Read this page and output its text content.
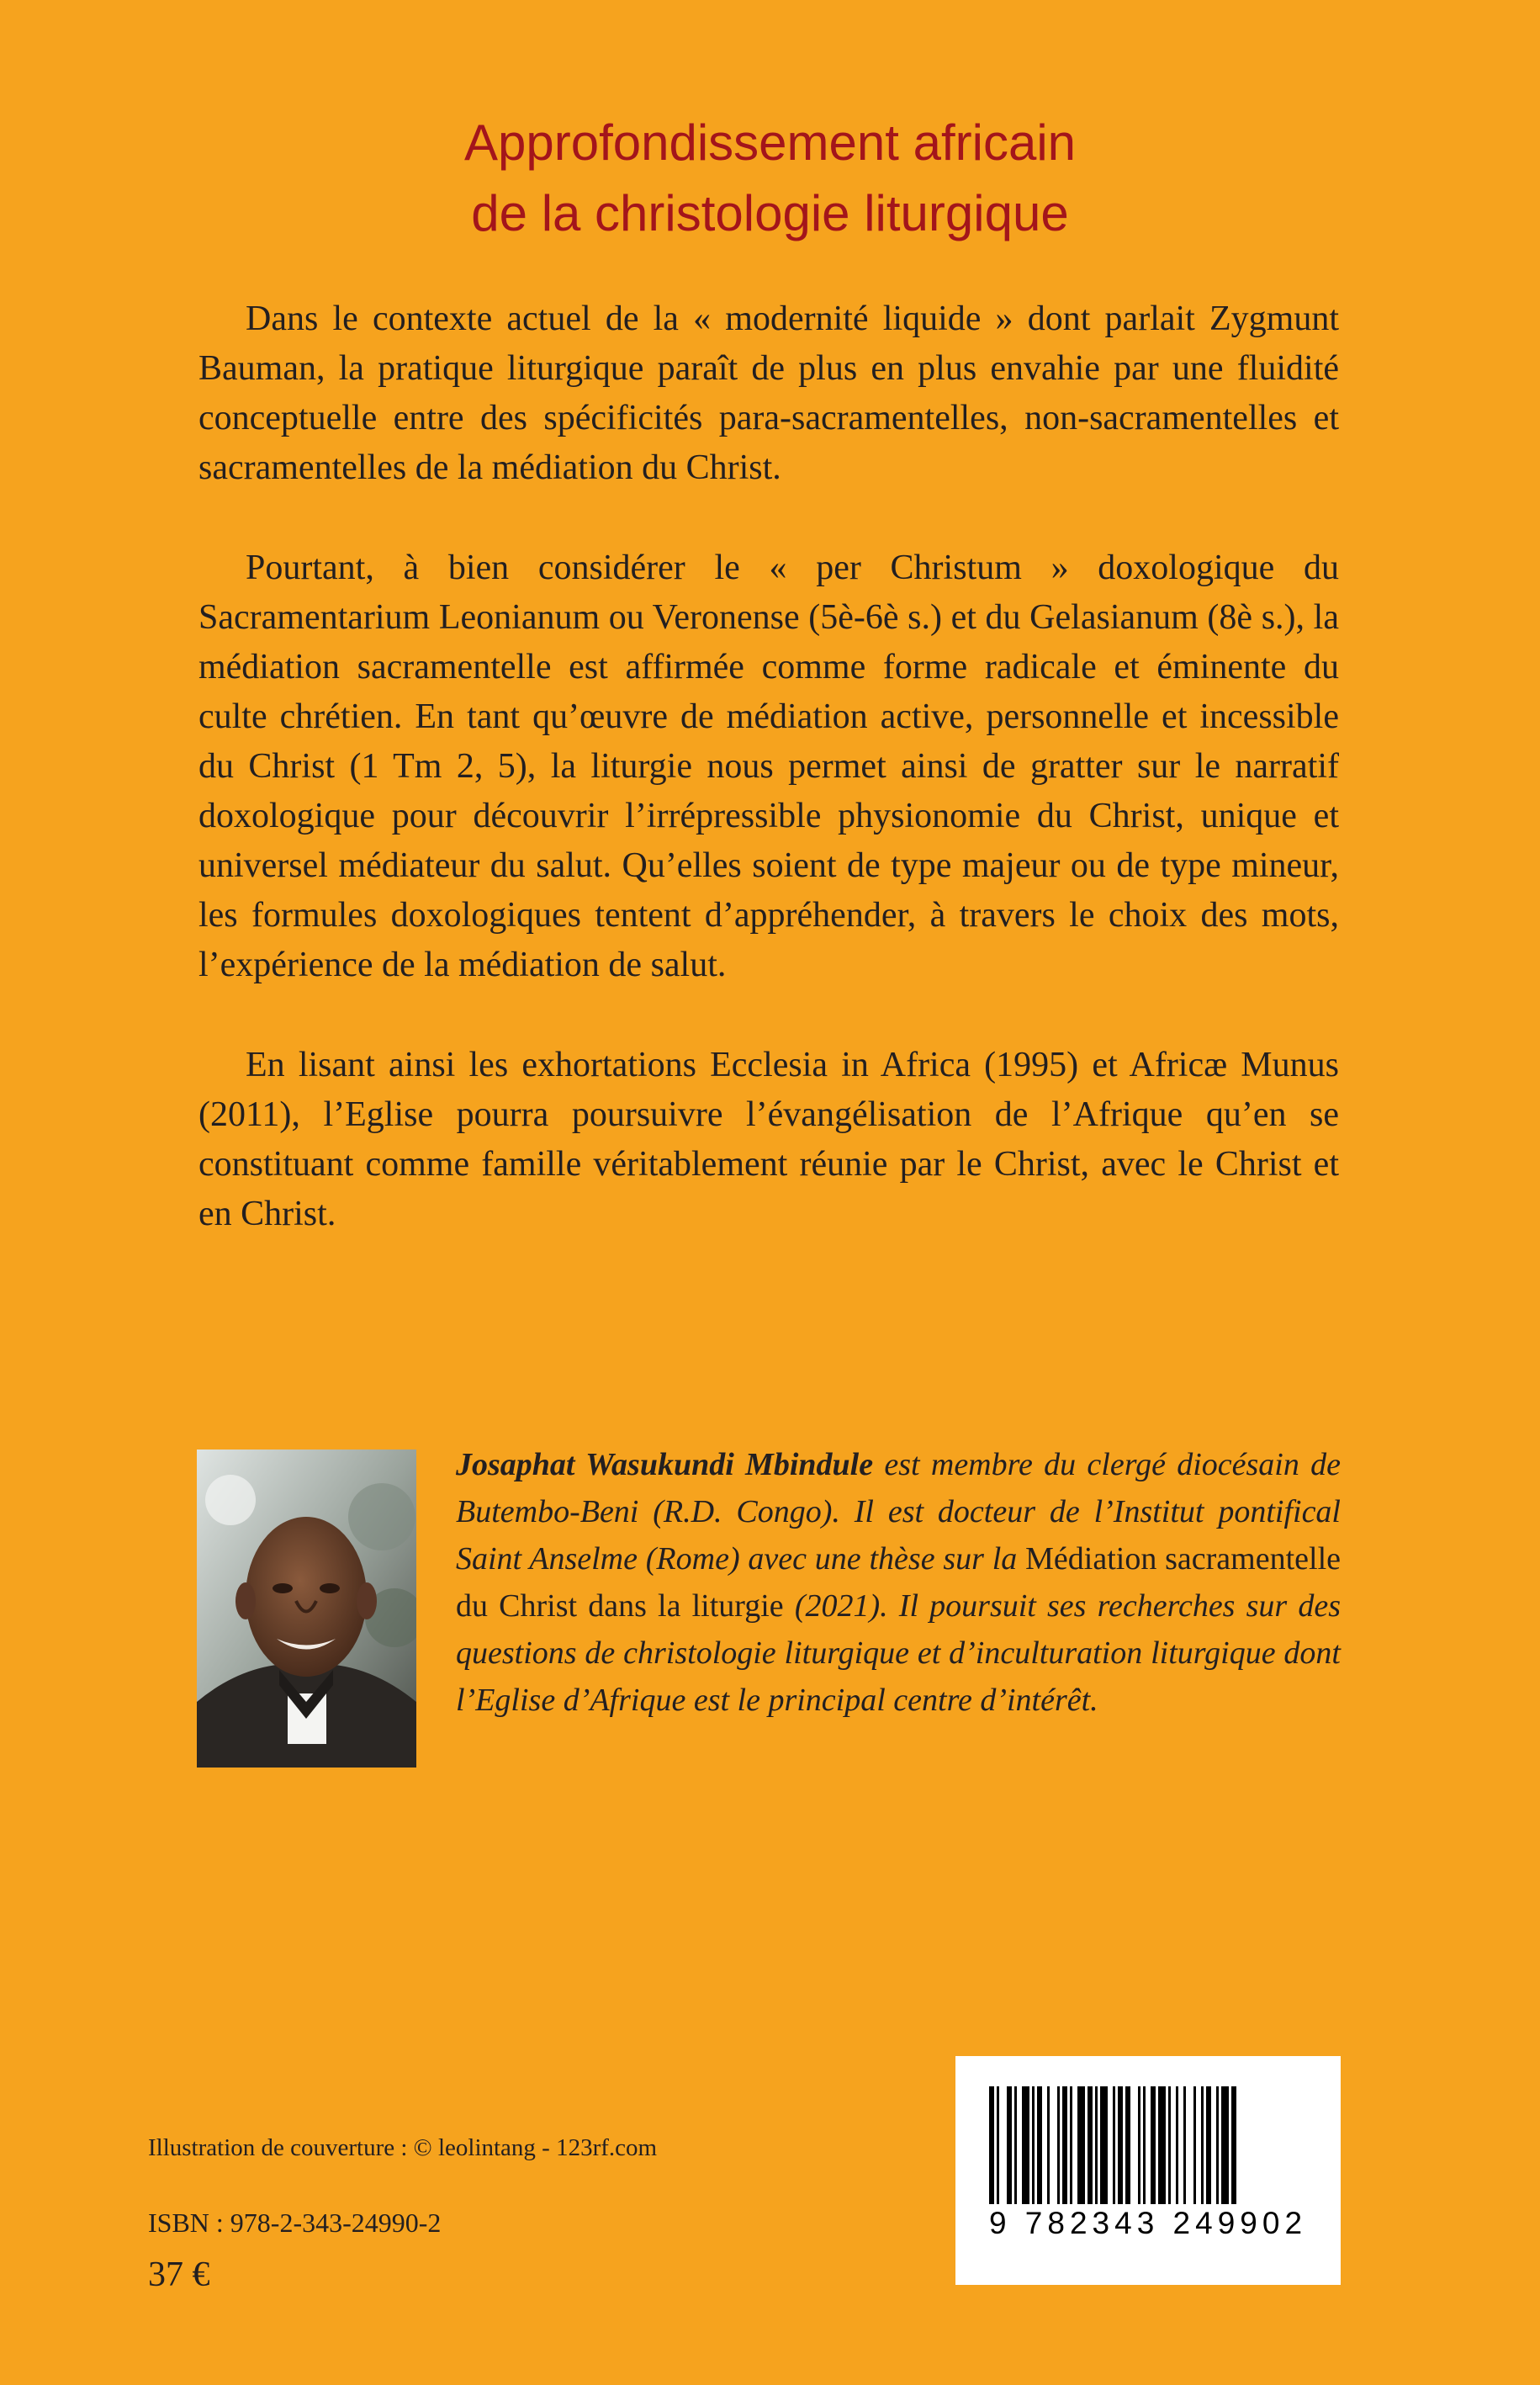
Approfondissement africain
de la christologie liturgique

Dans le contexte actuel de la « modernité liquide » dont parlait Zygmunt Bauman, la pratique liturgique paraît de plus en plus envahie par une fluidité conceptuelle entre des spécificités para-sacramentelles, non-sacramentelles et sacramentelles de la médiation du Christ.

Pourtant, à bien considérer le « per Christum » doxologique du Sacramentarium Leonianum ou Veronense (5è-6è s.) et du Gelasianum (8è s.), la médiation sacramentelle est affirmée comme forme radicale et éminente du culte chrétien. En tant qu’œuvre de médiation active, personnelle et incessible du Christ (1 Tm 2, 5), la liturgie nous permet ainsi de gratter sur le narratif doxologique pour découvrir l’irrépressible physionomie du Christ, unique et universel médiateur du salut. Qu’elles soient de type majeur ou de type mineur, les formules doxologiques tentent d’appréhender, à travers le choix des mots, l’expérience de la médiation de salut.

En lisant ainsi les exhortations Ecclesia in Africa (1995) et Africæ Munus (2011), l’Eglise pourra poursuivre l’évangélisation de l’Afrique qu’en se constituant comme famille véritablement réunie par le Christ, avec le Christ et en Christ.

Josaphat Wasukundi Mbindule est membre du clergé diocésain de Butembo-Beni (R.D. Congo). Il est docteur de l’Institut pontifical Saint Anselme (Rome) avec une thèse sur la Médiation sacramentelle du Christ dans la liturgie (2021). Il poursuit ses recherches sur des questions de christologie liturgique et d’inculturation liturgique dont l’Eglise d’Afrique est le principal centre d’intérêt.
Illustration de couverture : © leolintang - 123rf.com
ISBN : 978-2-343-24990-2
37 €
9 782343 249902
